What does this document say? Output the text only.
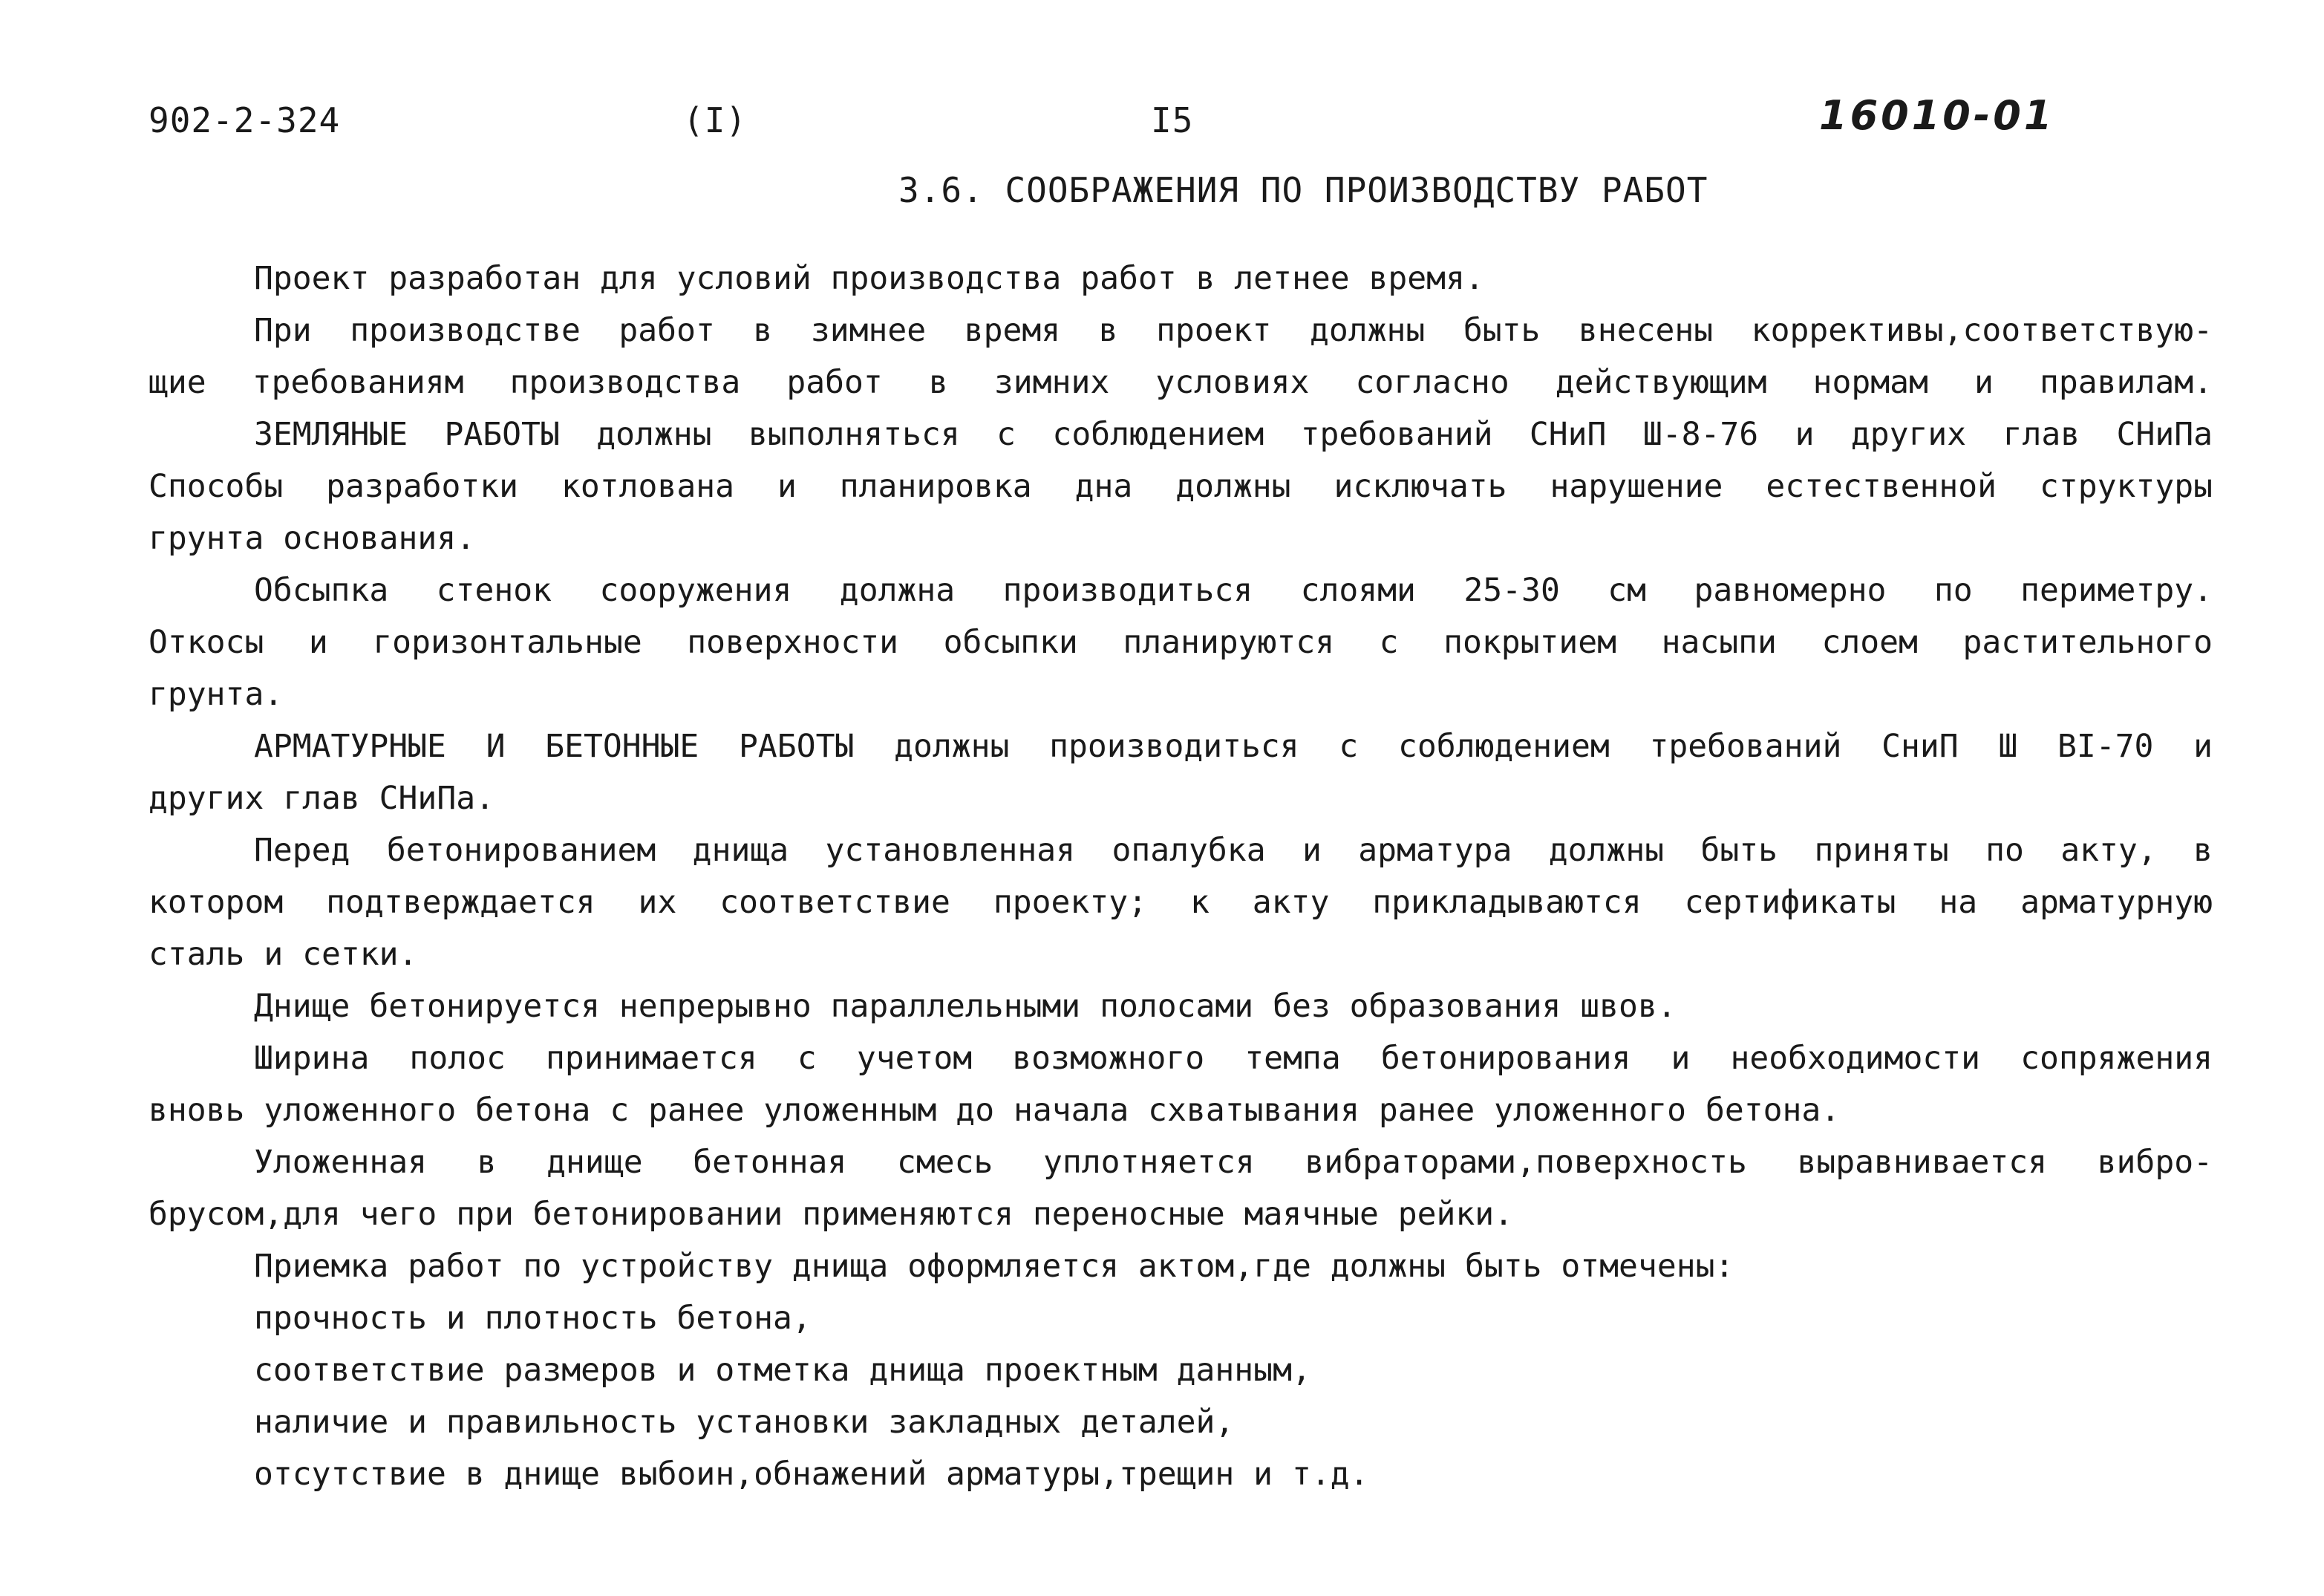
902-2-324	(I)	I5	16010-01
3.6. СООБРАЖЕНИЯ ПО ПРОИЗВОДСТВУ РАБОТ
Проект разработан для условий производства работ в летнее время.
При производстве работ в зимнее время в проект должны быть внесены коррективы,соответствую-
щие требованиям производства работ в зимних условиях согласно действующим нормам и правилам.
ЗЕМЛЯНЫЕ РАБОТЫ должны выполняться с соблюдением требований СНиП Ш-8-76 и других глав СНиПа
Способы разработки котлована и планировка дна должны исключать нарушение естественной структуры
грунта основания.
Обсыпка стенок сооружения должна производиться слоями 25-30 см равномерно по периметру.
Откосы и горизонтальные поверхности обсыпки планируются с покрытием насыпи слоем растительного
грунта.
АРМАТУРНЫЕ И БЕТОННЫЕ РАБОТЫ должны производиться с соблюдением требований СниП Ш BI-70 и
других глав СНиПа.
Перед бетонированием днища установленная опалубка и арматура должны быть приняты по акту, в
котором подтверждается их соответствие проекту; к акту прикладываются сертификаты на арматурную
сталь и сетки.
Днище бетонируется непрерывно параллельными полосами без образования швов.
Ширина полос принимается с учетом возможного темпа бетонирования и необходимости сопряжения
вновь уложенного бетона с ранее уложенным до начала схватывания ранее уложенного бетона.
Уложенная в днище бетонная смесь уплотняется вибраторами,поверхность выравнивается вибро-
брусом,для чего при бетонировании применяются переносные маячные рейки.
Приемка работ по устройству днища оформляется актом,где должны быть отмечены:
прочность и плотность бетона,
соответствие размеров и отметка днища проектным данным,
наличие и правильность установки закладных деталей,
отсутствие в днище выбоин,обнажений арматуры,трещин и т.д.
